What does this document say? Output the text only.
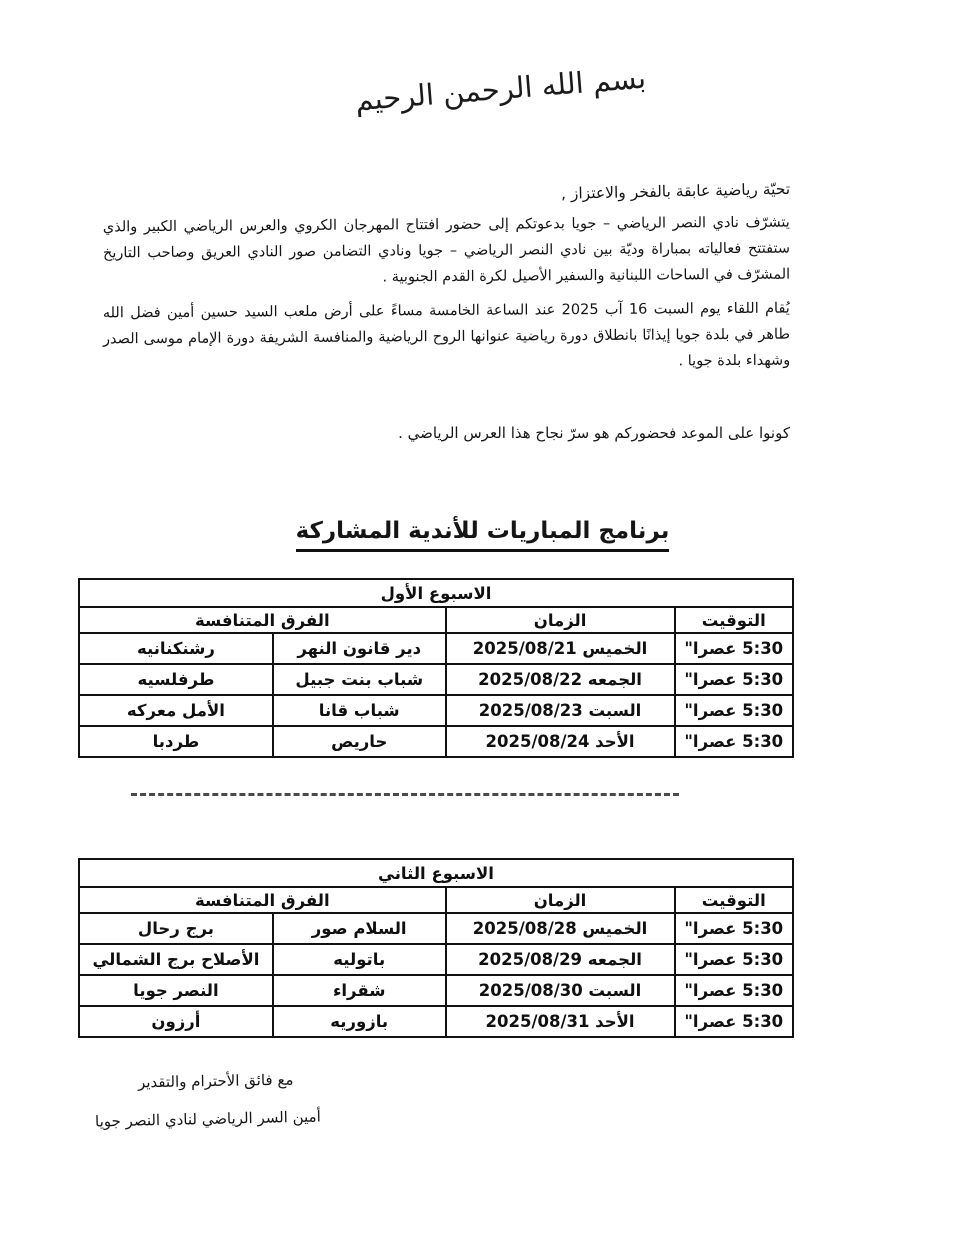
بسم الله الرحمن الرحيم
تحيّة رياضية عابقة بالفخر والاعتزاز ,
يتشرّف نادي النصر الرياضي – جويا بدعوتكم إلى حضور افتتاح المهرجان الكروي والعرس الرياضي الكبير والذي ستفتتح فعالياته بمباراة وديّة بين نادي النصر الرياضي – جويا ونادي التضامن صور النادي العريق وصاحب التاريخ المشرّف في الساحات اللبنانية والسفير الأصيل لكرة القدم الجنوبية .
يُقام اللقاء يوم السبت 16 آب 2025 عند الساعة الخامسة مساءً على أرض ملعب السيد حسين أمين فضل الله طاهر في بلدة جويا إيذانًا بانطلاق دورة رياضية عنوانها الروح الرياضية والمنافسة الشريفة دورة الإمام موسى الصدر وشهداء بلدة جويا .
كونوا على الموعد فحضوركم هو سرّ نجاح هذا العرس الرياضي .
برنامج المباريات للأندية المشاركة
الاسبوع الأول			
التوقيت	الزمان	الفرق المتنافسة	
5:30 عصرا"	الخميس 2025/08/21	دير قانون النهر	رشنكنانيه
5:30 عصرا"	الجمعه 2025/08/22	شباب بنت جبيل	طرفلسيه
5:30 عصرا"	السبت 2025/08/23	شباب قانا	الأمل معركه
5:30 عصرا"	الأحد 2025/08/24	حاريص	طردبا
الاسبوع الثاني			
التوقيت	الزمان	الفرق المتنافسة	
5:30 عصرا"	الخميس 2025/08/28	السلام صور	برج رحال
5:30 عصرا"	الجمعه 2025/08/29	باتوليه	الأصلاح برج الشمالي
5:30 عصرا"	السبت 2025/08/30	شقراء	النصر جويا
5:30 عصرا"	الأحد 2025/08/31	بازوريه	أرزون
مع فائق الأحترام والتقدير
أمين السر الرياضي لنادي النصر جويا
